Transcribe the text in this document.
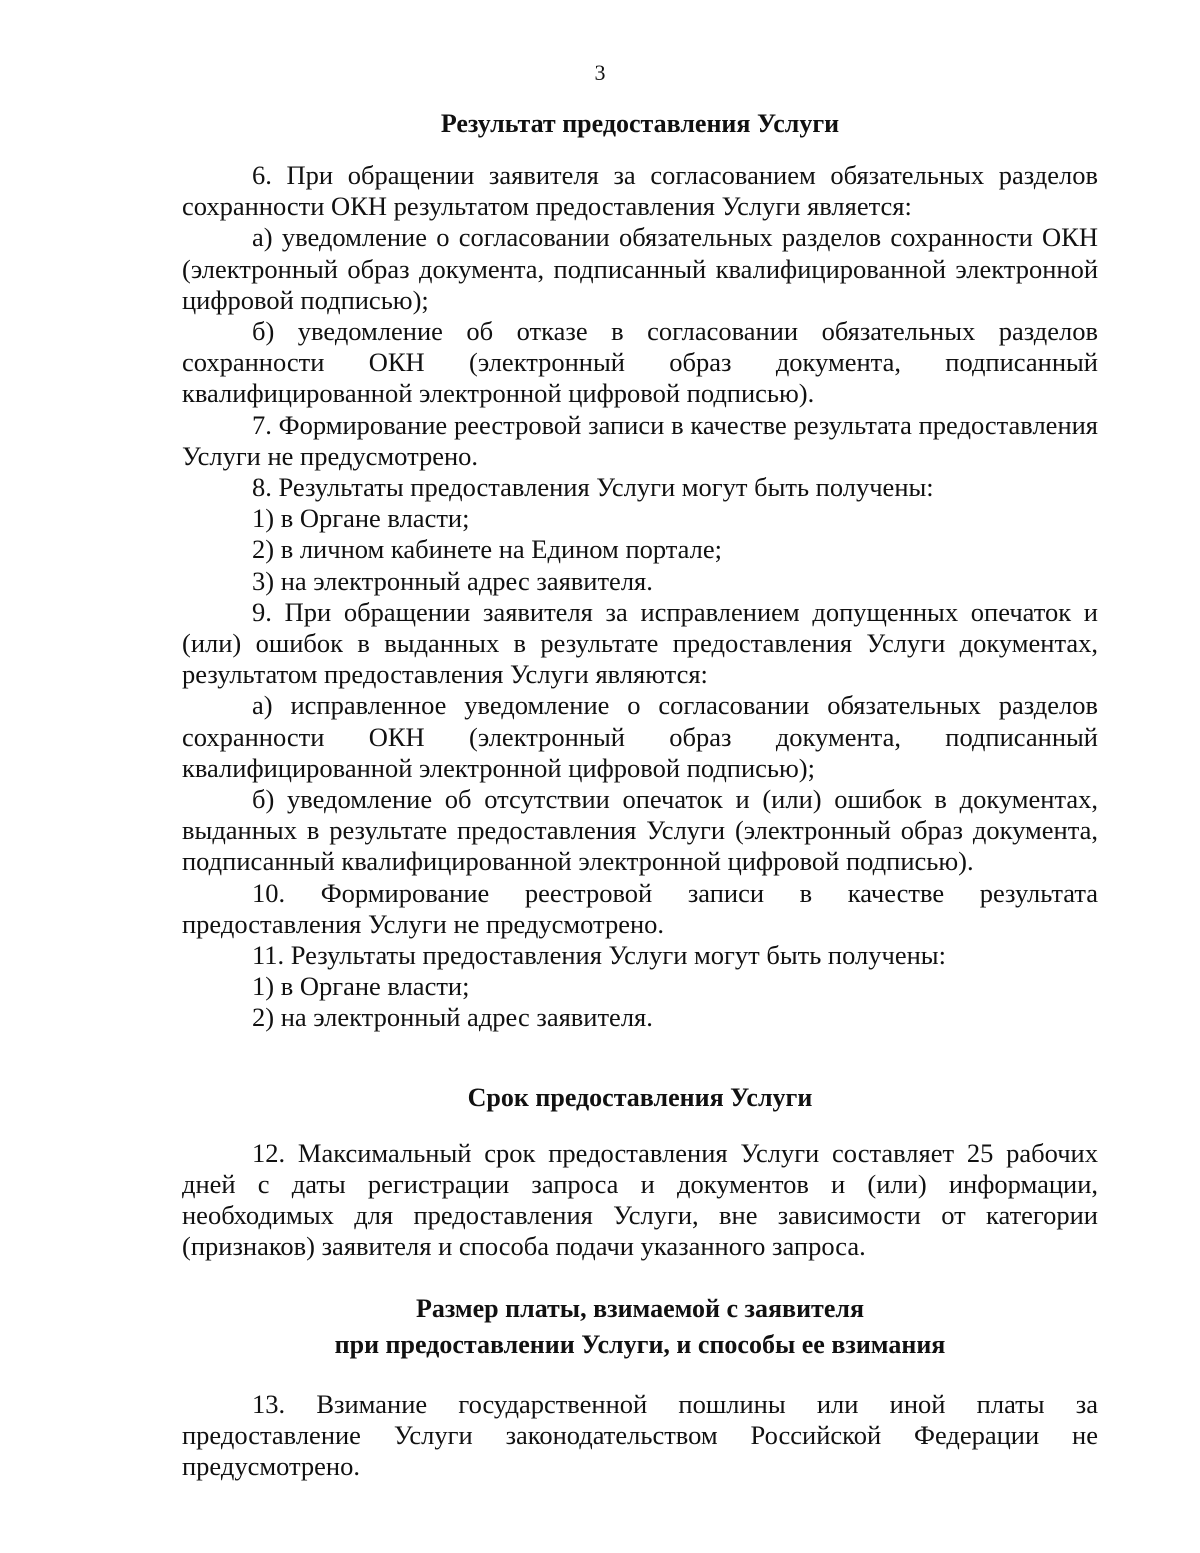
3
Результат предоставления Услуги
6. При обращении заявителя за согласованием обязательных разделов сохранности ОКН результатом предоставления Услуги является:
а) уведомление о согласовании обязательных разделов сохранности ОКН (электронный образ документа, подписанный квалифицированной электронной цифровой подписью);
б) уведомление об отказе в согласовании обязательных разделов сохранности ОКН (электронный образ документа, подписанный квалифицированной электронной цифровой подписью).
7. Формирование реестровой записи в качестве результата предоставления Услуги не предусмотрено.
8. Результаты предоставления Услуги могут быть получены:
1) в Органе власти;
2) в личном кабинете на Едином портале;
3) на электронный адрес заявителя.
9. При обращении заявителя за исправлением допущенных опечаток и (или) ошибок в выданных в результате предоставления Услуги документах, результатом предоставления Услуги являются:
а) исправленное уведомление о согласовании обязательных разделов сохранности ОКН (электронный образ документа, подписанный квалифицированной электронной цифровой подписью);
б) уведомление об отсутствии опечаток и (или) ошибок в документах, выданных в результате предоставления Услуги (электронный образ документа, подписанный квалифицированной электронной цифровой подписью).
10. Формирование реестровой записи в качестве результата предоставления Услуги не предусмотрено.
11. Результаты предоставления Услуги могут быть получены:
1) в Органе власти;
2) на электронный адрес заявителя.
Срок предоставления Услуги
12. Максимальный срок предоставления Услуги составляет 25 рабочих дней с даты регистрации запроса и документов и (или) информации, необходимых для предоставления Услуги, вне зависимости от категории (признаков) заявителя и способа подачи указанного запроса.
Размер платы, взимаемой с заявителя
при предоставлении Услуги, и способы ее взимания
13. Взимание государственной пошлины или иной платы за предоставление Услуги законодательством Российской Федерации не предусмотрено.
